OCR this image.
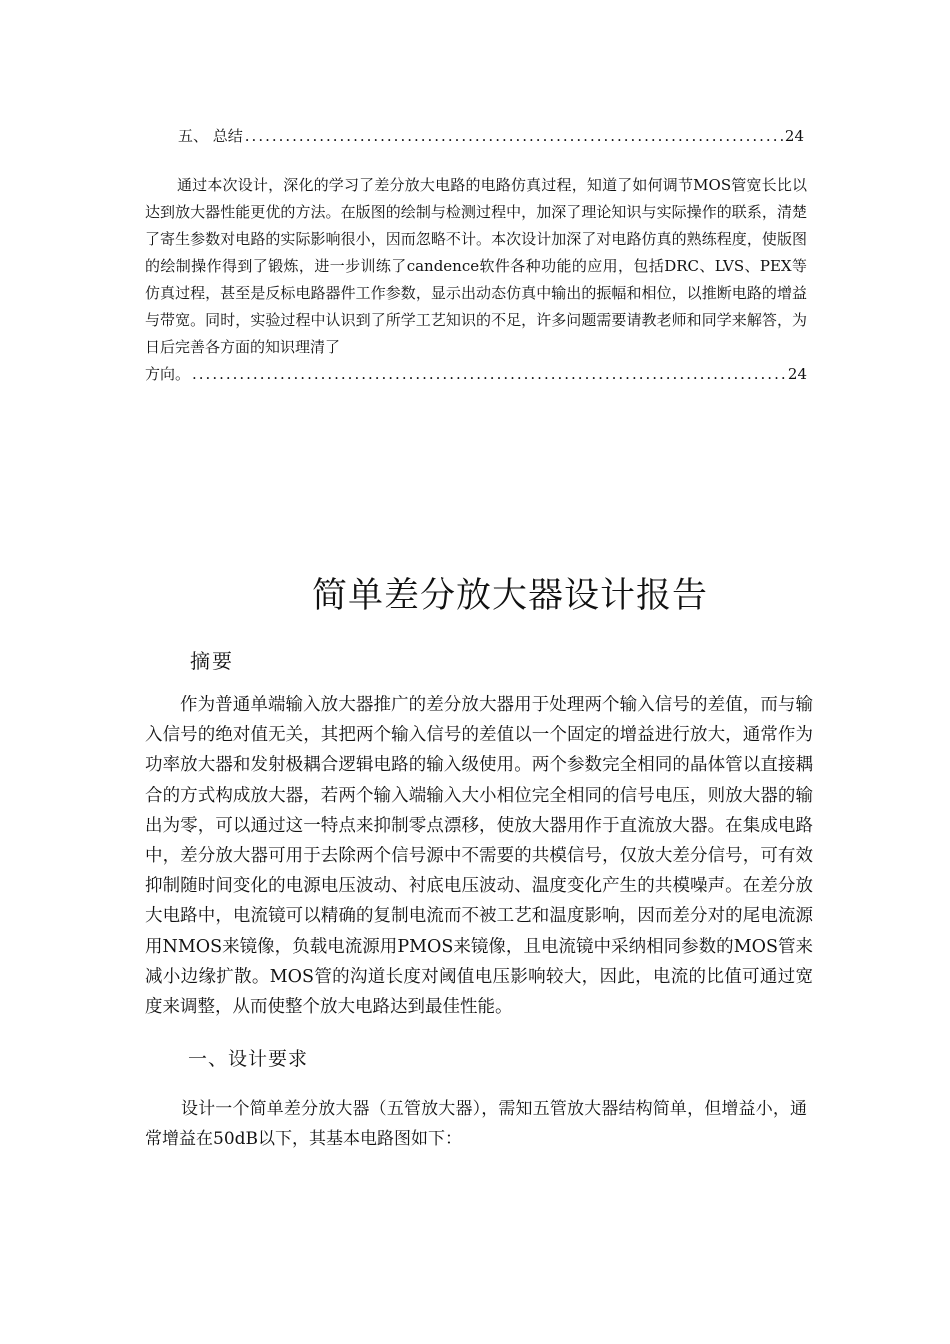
五、 总结 .....	24

通过本次设计，深化的学习了差分放大电路的电路仿真过程，知道了如何调节MOS管宽长比以达到放大器性能更优的方法。在版图的绘制与检测过程中，加深了理论知识与实际操作的联系，清楚了寄生参数对电路的实际影响很小，因而忽略不计。本次设计加深了对电路仿真的熟练程度，使版图的绘制操作得到了锻炼，进一步训练了candence软件各种功能的应用，包括DRC、LVS、PEX等仿真过程，甚至是反标电路器件工作参数，显示出动态仿真中输出的振幅和相位，以推断电路的增益与带宽。同时，实验过程中认识到了所学工艺知识的不足，许多问题需要请教老师和同学来解答，为日后完善各方面的知识理清了

方向。 .....	24
简单差分放大器设计报告
摘要

作为普通单端输入放大器推广的差分放大器用于处理两个输入信号的差值，而与输入信号的绝对值无关，其把两个输入信号的差值以一个固定的增益进行放大，通常作为功率放大器和发射极耦合逻辑电路的输入级使用。两个参数完全相同的晶体管以直接耦合的方式构成放大器，若两个输入端输入大小相位完全相同的信号电压，则放大器的输出为零，可以通过这一特点来抑制零点漂移，使放大器用作于直流放大器。在集成电路中，差分放大器可用于去除两个信号源中不需要的共模信号，仅放大差分信号，可有效抑制随时间变化的电源电压波动、衬底电压波动、温度变化产生的共模噪声。在差分放大电路中，电流镜可以精确的复制电流而不被工艺和温度影响，因而差分对的尾电流源用NMOS来镜像，负载电流源用PMOS来镜像，且电流镜中采纳相同参数的MOS管来减小边缘扩散。MOS管的沟道长度对阈值电压影响较大，因此，电流的比值可通过宽度来调整，从而使整个放大电路达到最佳性能。

一、设计要求

设计一个简单差分放大器（五管放大器），需知五管放大器结构简单，但增益小，通常增益在50dB以下，其基本电路图如下：
